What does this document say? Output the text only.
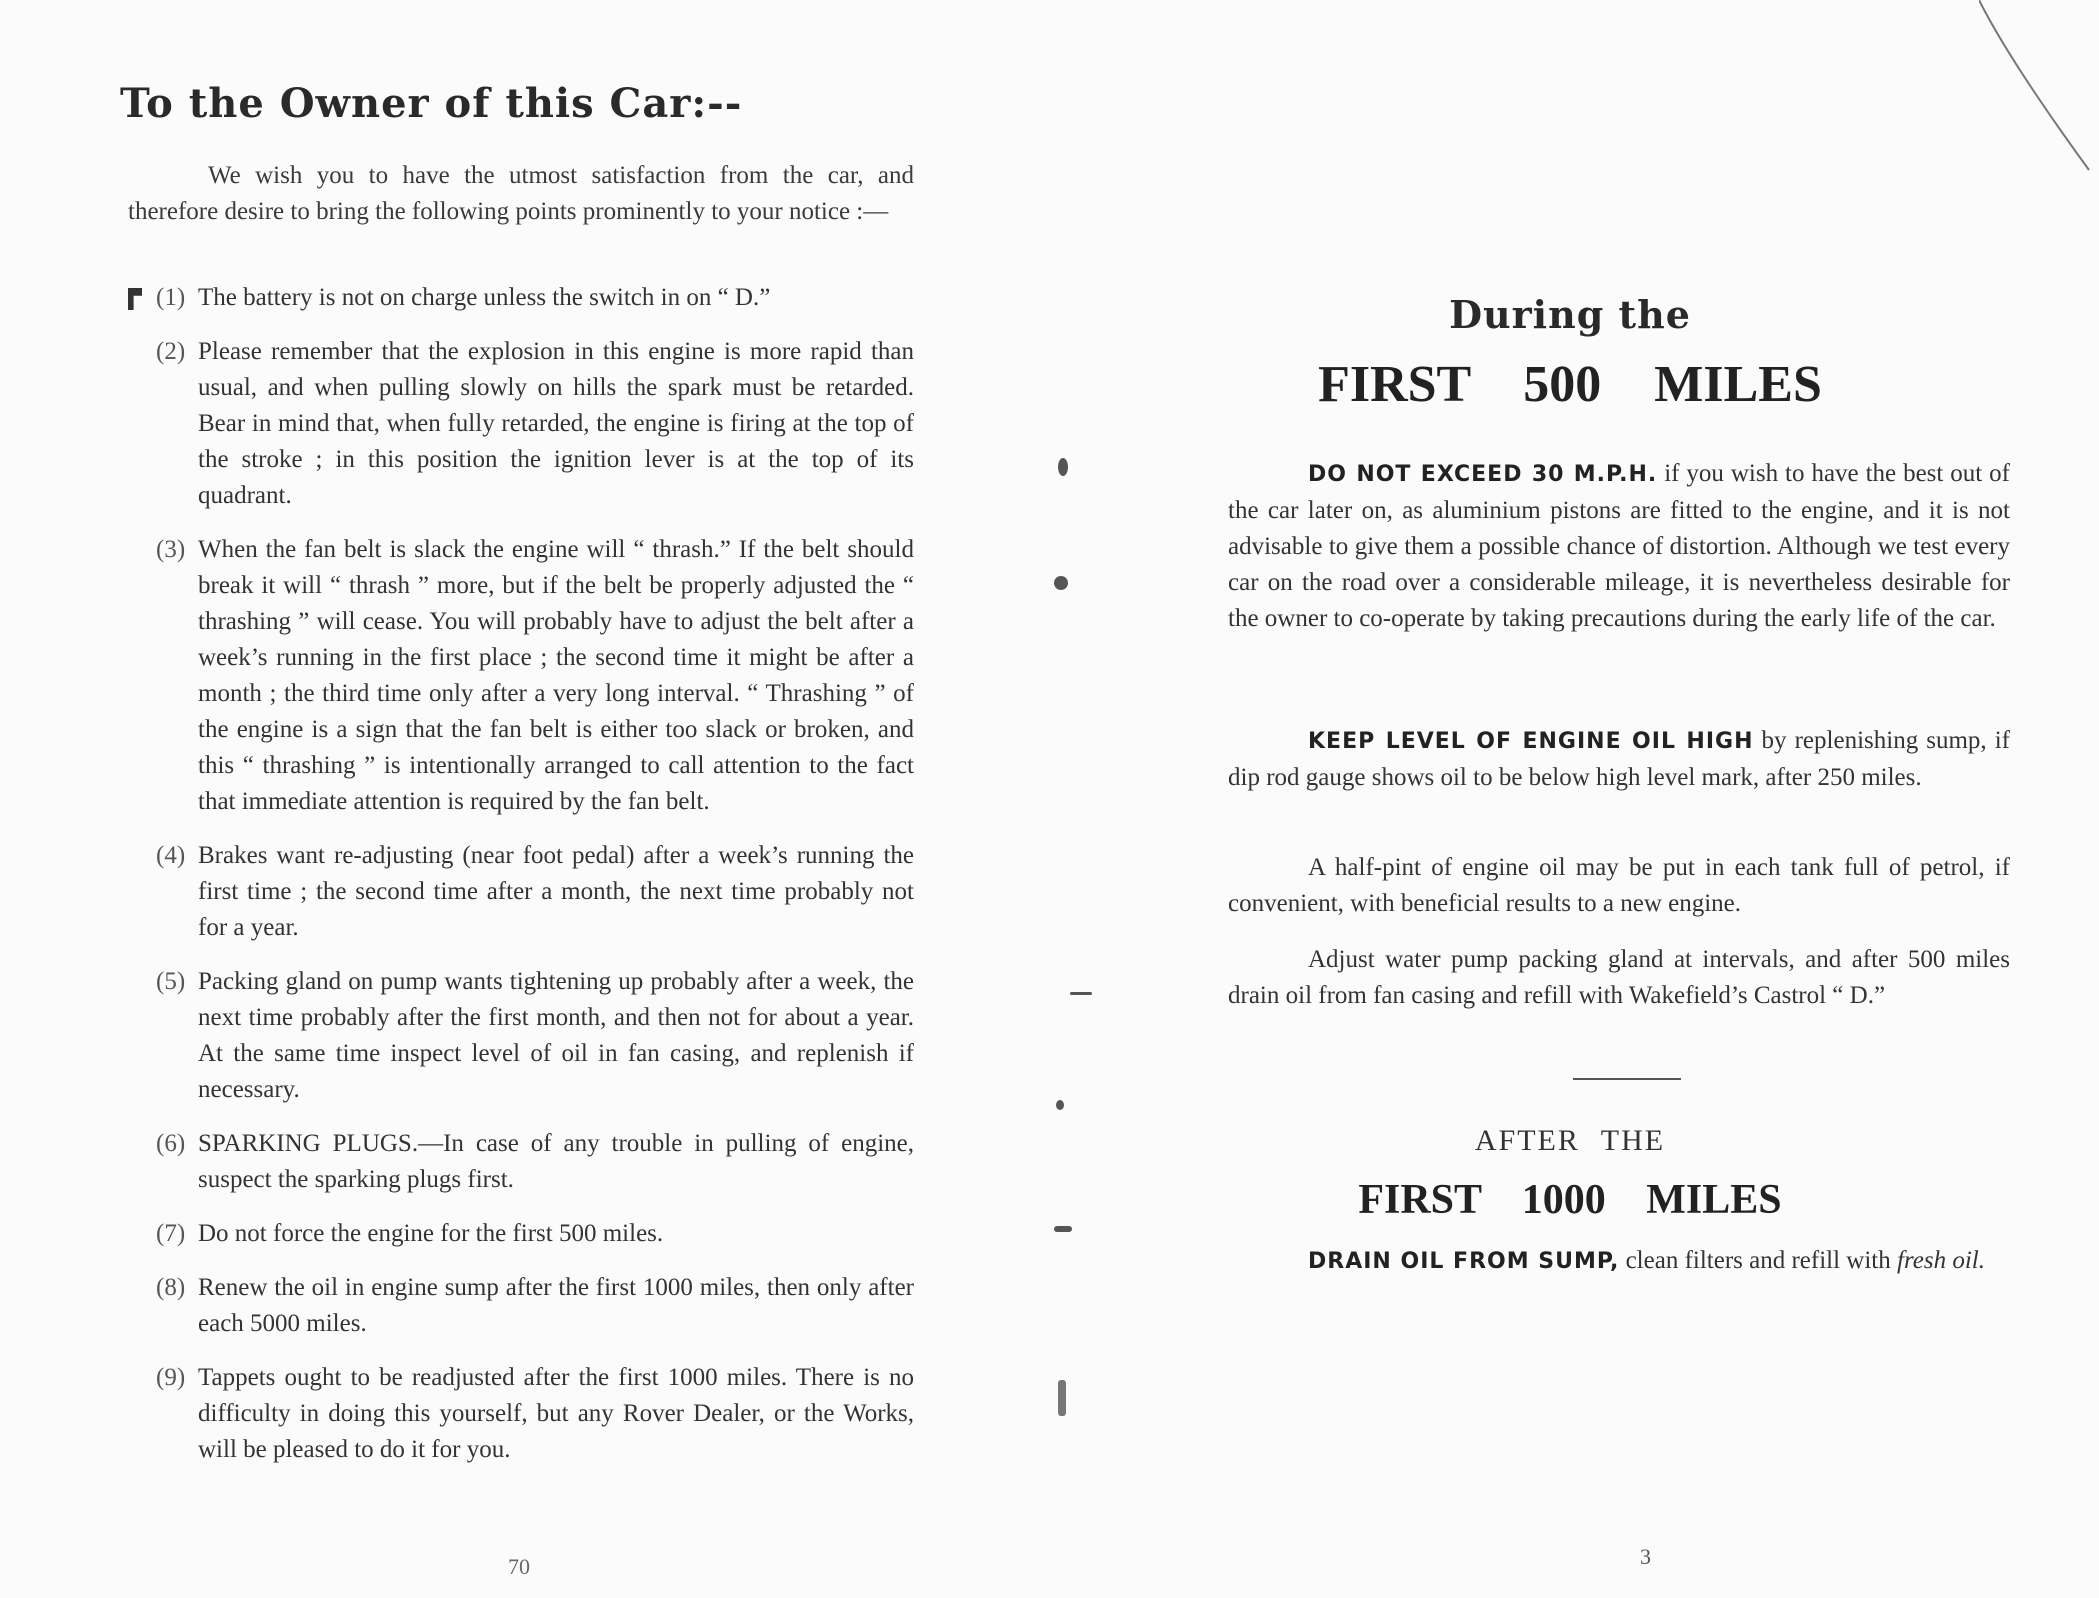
To the Owner of this Car:--
We wish you to have the utmost satisfaction from the car, and therefore desire to bring the following points prominently to your notice :—
(1) The battery is not on charge unless the switch in on “ D.”
(2) Please remember that the explosion in this engine is more rapid than usual, and when pulling slowly on hills the spark must be retarded. Bear in mind that, when fully retarded, the engine is firing at the top of the stroke ; in this position the ignition lever is at the top of its quadrant.
(3) When the fan belt is slack the engine will “ thrash.” If the belt should break it will “ thrash ” more, but if the belt be properly adjusted the “ thrashing ” will cease. You will probably have to adjust the belt after a week’s running in the first place ; the second time it might be after a month ; the third time only after a very long interval. “ Thrashing ” of the engine is a sign that the fan belt is either too slack or broken, and this “ thrashing ” is intentionally arranged to call attention to the fact that immediate attention is required by the fan belt.
(4) Brakes want re-adjusting (near foot pedal) after a week’s running the first time ; the second time after a month, the next time probably not for a year.
(5) Packing gland on pump wants tightening up probably after a week, the next time probably after the first month, and then not for about a year. At the same time inspect level of oil in fan casing, and replenish if necessary.
(6) SPARKING PLUGS.—In case of any trouble in pulling of engine, suspect the sparking plugs first.
(7) Do not force the engine for the first 500 miles.
(8) Renew the oil in engine sump after the first 1000 miles, then only after each 5000 miles.
(9) Tappets ought to be readjusted after the first 1000 miles. There is no difficulty in doing this yourself, but any Rover Dealer, or the Works, will be pleased to do it for you.
70
During the
FIRST 500 MILES
DO NOT EXCEED 30 M.P.H. if you wish to have the best out of the car later on, as aluminium pistons are fitted to the engine, and it is not advisable to give them a possible chance of distortion. Although we test every car on the road over a considerable mileage, it is nevertheless desirable for the owner to co-operate by taking precautions during the early life of the car.
KEEP LEVEL OF ENGINE OIL HIGH by replenishing sump, if dip rod gauge shows oil to be below high level mark, after 250 miles.
A half-pint of engine oil may be put in each tank full of petrol, if convenient, with beneficial results to a new engine.
Adjust water pump packing gland at intervals, and after 500 miles drain oil from fan casing and refill with Wakefield’s Castrol “ D.”
AFTER THE
FIRST 1000 MILES
DRAIN OIL FROM SUMP, clean filters and refill with fresh oil.
3
